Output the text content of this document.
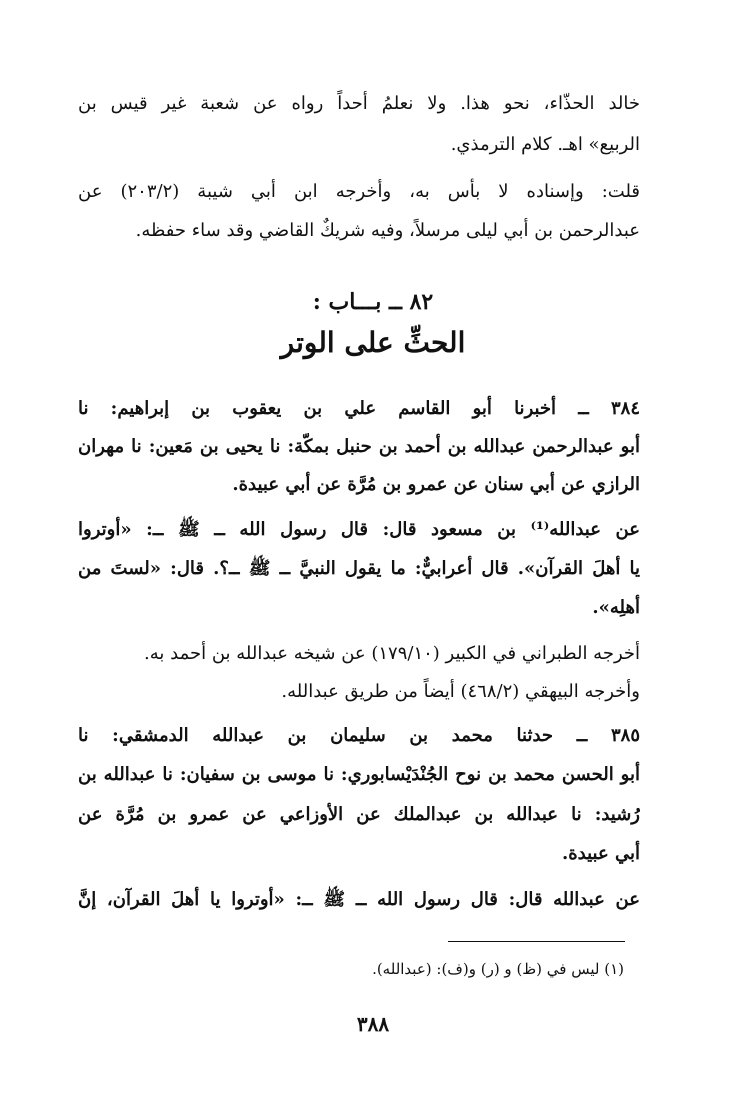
خالد الحذّاء، نحو هذا. ولا نعلمُ أحداً رواه عن شعبة غير قيس بن
الربيع» اهـ. كلام الترمذي.
قلت: وإسناده لا بأس به، وأخرجه ابن أبي شيبة (٢٠٣/٢) عن
عبدالرحمن بن أبي ليلى مرسلاً، وفيه شريكٌ القاضي وقد ساء حفظه.
٨٢ ــ بـــاب :
الحثِّ على الوتر
٣٨٤ ــ أخبرنا أبو القاسم علي بن يعقوب بن إبراهيم: نا
أبو عبدالرحمن عبدالله بن أحمد بن حنبل بمكّة: نا يحيى بن مَعين: نا مهران
الرازي عن أبي سنان عن عمرو بن مُرَّة عن أبي عبيدة.
عن عبدالله⁽¹⁾ بن مسعود قال: قال رسول الله ــ ﷺ ــ: «أوتروا
يا أهلَ القرآن». قال أعرابيٌّ: ما يقول النبيَّ ــ ﷺ ــ؟. قال: «لستَ من
أهلِه».
أخرجه الطبراني في الكبير (١٧٩/١٠) عن شيخه عبدالله بن أحمد به.
وأخرجه البيهقي (٤٦٨/٢) أيضاً من طريق عبدالله.
٣٨٥ ــ حدثنا محمد بن سليمان بن عبدالله الدمشقي: نا
أبو الحسن محمد بن نوح الجُنْدَيْسابوري: نا موسى بن سفيان: نا عبدالله بن
رُشيد: نا عبدالله بن عبدالملك عن الأوزاعي عن عمرو بن مُرَّة عن
أبي عبيدة.
عن عبدالله قال: قال رسول الله ــ ﷺ ــ: «أوتروا يا أهلَ القرآن، إنَّ
(١) ليس في (ظ) و (ر) و(ف): (عبدالله).
٣٨٨
